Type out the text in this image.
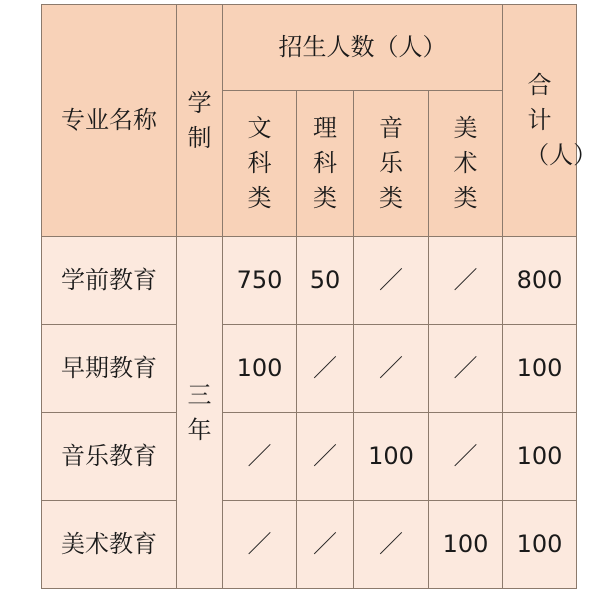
专业名称	学制	招生人数（人）				合计（人）
		文科类	理科类	音乐类	美术类	
学前教育	三年	750	50	／	／	800
早期教育		100	／	／	／	100
音乐教育		／	／	100	／	100
美术教育		／	／	／	100	100
